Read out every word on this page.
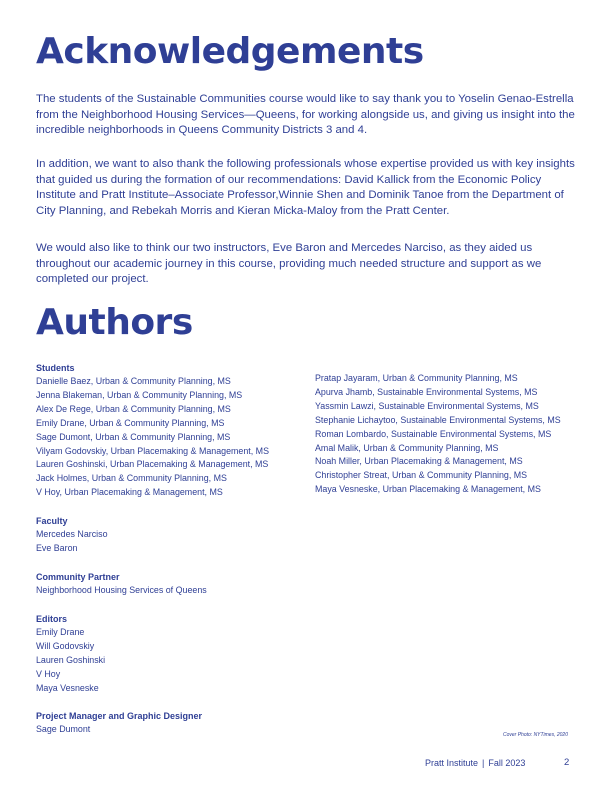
Acknowledgements

The students of the Sustainable Communities course would like to say thank you to Yoselin Genao-Estrella from the Neighborhood Housing Services—Queens, for working alongside us, and giving us insight into the incredible neighborhoods in Queens Community Districts 3 and 4.

In addition, we want to also thank the following professionals whose expertise provided us with key insights that guided us during the formation of our recommendations: David Kallick from the Economic Policy Institute and Pratt Institute–Associate Professor,Winnie Shen and Dominik Tanoe from the Department of City Planning, and Rebekah Morris and Kieran Micka-Maloy from the Pratt Center.

We would also like to think our two instructors, Eve Baron and Mercedes Narciso, as they aided us throughout our academic journey in this course, providing much needed structure and support as we completed our project.

Authors
Students
Danielle Baez, Urban & Community Planning, MS
Jenna Blakeman, Urban & Community Planning, MS
Alex De Rege, Urban & Community Planning, MS
Emily Drane, Urban & Community Planning, MS
Sage Dumont, Urban & Community Planning, MS
Vilyam Godovskiy, Urban Placemaking & Management, MS
Lauren Goshinski, Urban Placemaking & Management, MS
Jack Holmes, Urban & Community Planning, MS
V Hoy, Urban Placemaking & Management, MS
Pratap Jayaram, Urban & Community Planning, MS
Apurva Jhamb, Sustainable Environmental Systems, MS
Yassmin Lawzi, Sustainable Environmental Systems, MS
Stephanie Lichaytoo, Sustainable Environmental Systems, MS
Roman Lombardo, Sustainable Environmental Systems, MS
Amal Malik, Urban & Community Planning, MS
Noah Miller, Urban Placemaking & Management, MS
Christopher Streat, Urban & Community Planning, MS
Maya Vesneske, Urban Placemaking & Management, MS
Faculty
Mercedes Narciso
Eve Baron
Community Partner
Neighborhood Housing Services of Queens
Editors
Emily Drane
Will Godovskiy
Lauren Goshinski
V Hoy
Maya Vesneske
Project Manager and Graphic Designer
Sage Dumont

Cover Photo: NYTimes, 2020

Pratt Institute | Fall 2023	2
